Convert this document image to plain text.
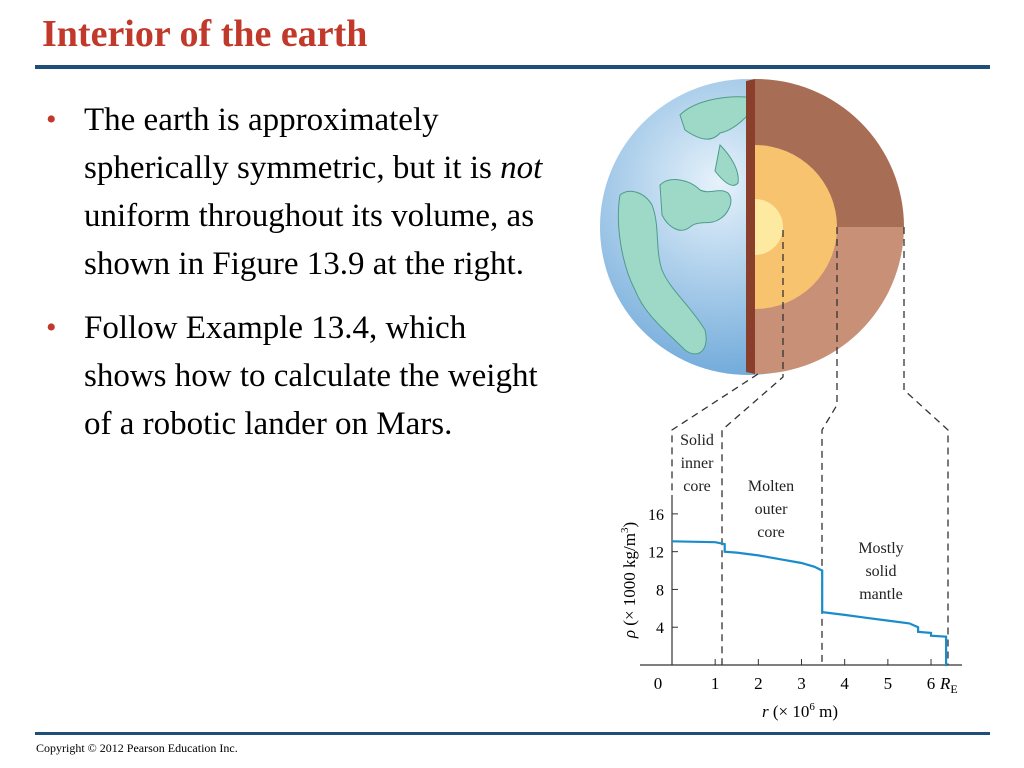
Interior of the earth
• The earth is approximately spherically symmetric, but it is not uniform throughout its volume, as shown in Figure 13.9 at the right.
• Follow Example 13.4, which shows how to calculate the weight of a robotic lander on Mars.	Solid
inner
core Molten
outer
core
Mostly
solid
mantle
4
8
12
16
0	1 2 3 4 5 6 $R_E$
r (× $10^6$ m)
ρ (× 1000 $kg/m^3$)
Copyright © 2012 Pearson Education Inc.
